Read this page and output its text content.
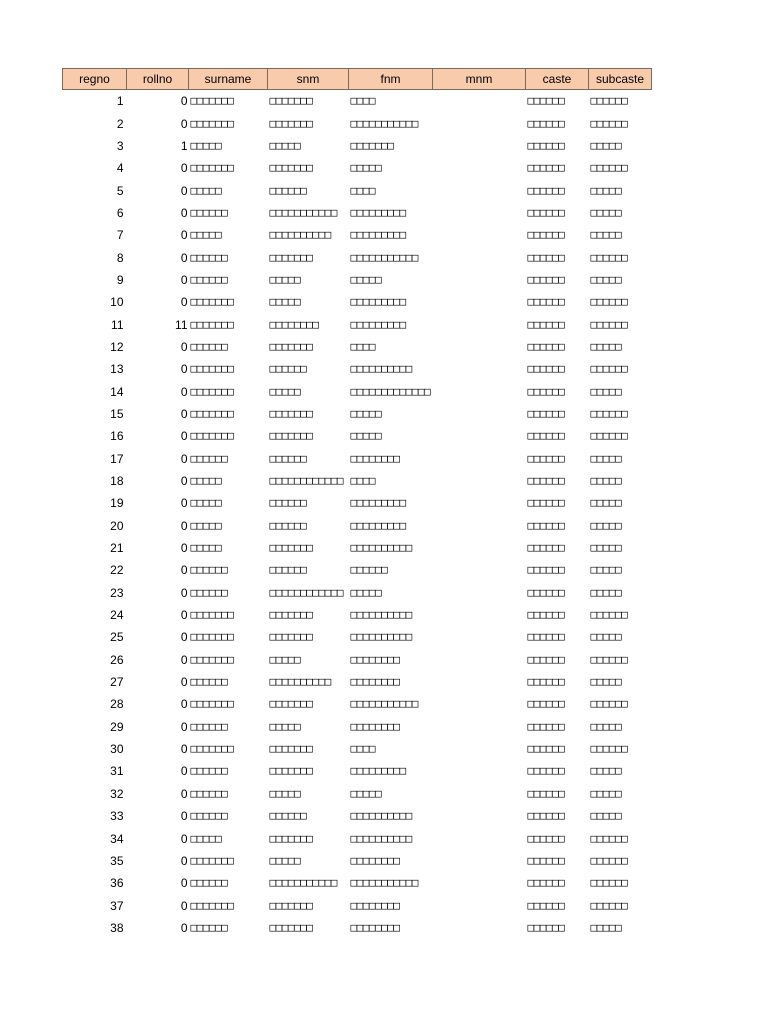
regno	rollno	surname	snm	fnm	mnm	caste	subcaste
1	0	□□□□□□□	□□□□□□□	□□□□		□□□□□□	□□□□□□
2	0	□□□□□□□	□□□□□□□	□□□□□□□□□□□		□□□□□□	□□□□□□
3	1	□□□□□	□□□□□	□□□□□□□		□□□□□□	□□□□□
4	0	□□□□□□□	□□□□□□□	□□□□□		□□□□□□	□□□□□□
5	0	□□□□□	□□□□□□	□□□□		□□□□□□	□□□□□
6	0	□□□□□□	□□□□□□□□□□□	□□□□□□□□□		□□□□□□	□□□□□
7	0	□□□□□	□□□□□□□□□□	□□□□□□□□□		□□□□□□	□□□□□
8	0	□□□□□□	□□□□□□□	□□□□□□□□□□□		□□□□□□	□□□□□□
9	0	□□□□□□	□□□□□	□□□□□		□□□□□□	□□□□□
10	0	□□□□□□□	□□□□□	□□□□□□□□□		□□□□□□	□□□□□□
11	11	□□□□□□□	□□□□□□□□	□□□□□□□□□		□□□□□□	□□□□□□
12	0	□□□□□□	□□□□□□□	□□□□		□□□□□□	□□□□□
13	0	□□□□□□□	□□□□□□	□□□□□□□□□□		□□□□□□	□□□□□□
14	0	□□□□□□□	□□□□□	□□□□□□□□□□□□□		□□□□□□	□□□□□
15	0	□□□□□□□	□□□□□□□	□□□□□		□□□□□□	□□□□□□
16	0	□□□□□□□	□□□□□□□	□□□□□		□□□□□□	□□□□□□
17	0	□□□□□□	□□□□□□	□□□□□□□□		□□□□□□	□□□□□
18	0	□□□□□	□□□□□□□□□□□□	□□□□		□□□□□□	□□□□□
19	0	□□□□□	□□□□□□	□□□□□□□□□		□□□□□□	□□□□□
20	0	□□□□□	□□□□□□	□□□□□□□□□		□□□□□□	□□□□□
21	0	□□□□□	□□□□□□□	□□□□□□□□□□		□□□□□□	□□□□□
22	0	□□□□□□	□□□□□□	□□□□□□		□□□□□□	□□□□□
23	0	□□□□□□	□□□□□□□□□□□□	□□□□□		□□□□□□	□□□□□
24	0	□□□□□□□	□□□□□□□	□□□□□□□□□□		□□□□□□	□□□□□□
25	0	□□□□□□□	□□□□□□□	□□□□□□□□□□		□□□□□□	□□□□□
26	0	□□□□□□□	□□□□□	□□□□□□□□		□□□□□□	□□□□□□
27	0	□□□□□□	□□□□□□□□□□	□□□□□□□□		□□□□□□	□□□□□
28	0	□□□□□□□	□□□□□□□	□□□□□□□□□□□		□□□□□□	□□□□□□
29	0	□□□□□□	□□□□□	□□□□□□□□		□□□□□□	□□□□□
30	0	□□□□□□□	□□□□□□□	□□□□		□□□□□□	□□□□□□
31	0	□□□□□□	□□□□□□□	□□□□□□□□□		□□□□□□	□□□□□
32	0	□□□□□□	□□□□□	□□□□□		□□□□□□	□□□□□
33	0	□□□□□□	□□□□□□	□□□□□□□□□□		□□□□□□	□□□□□
34	0	□□□□□	□□□□□□□	□□□□□□□□□□		□□□□□□	□□□□□□
35	0	□□□□□□□	□□□□□	□□□□□□□□		□□□□□□	□□□□□□
36	0	□□□□□□	□□□□□□□□□□□	□□□□□□□□□□□		□□□□□□	□□□□□□
37	0	□□□□□□□	□□□□□□□	□□□□□□□□		□□□□□□	□□□□□□
38	0	□□□□□□	□□□□□□□	□□□□□□□□		□□□□□□	□□□□□
